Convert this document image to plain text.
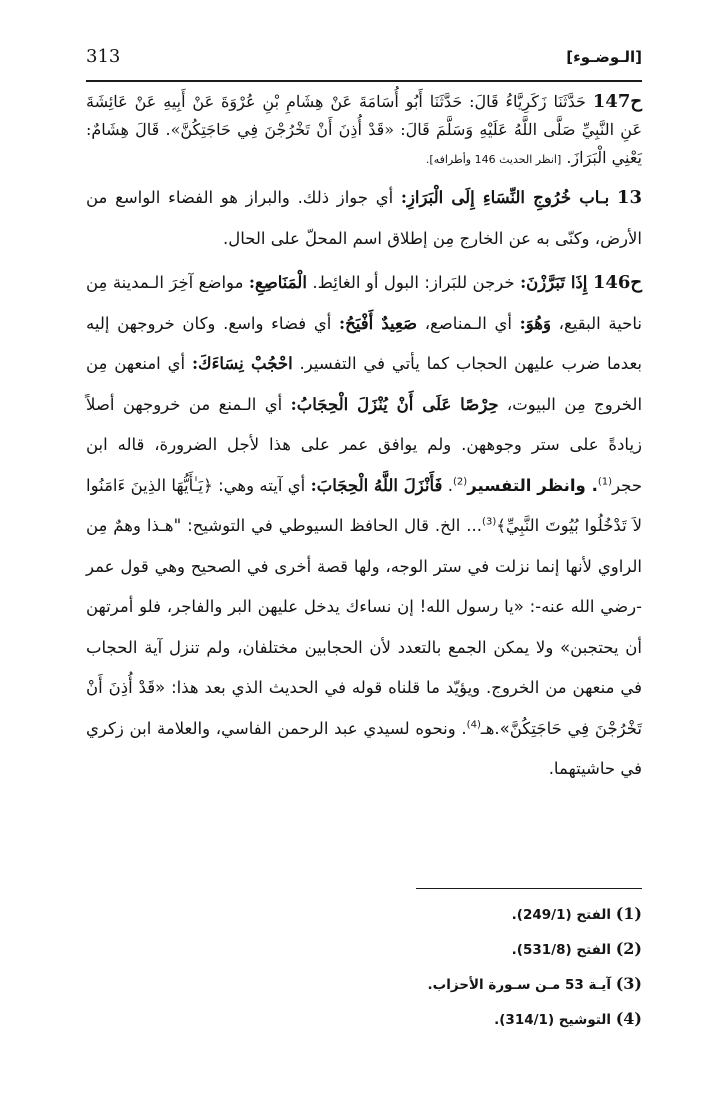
313	[الـوضـوء]
ح147 حَدَّثَنَا زَكَرِيَّاءُ قَالَ: حَدَّثَنَا أَبُو أُسَامَةَ عَنْ هِشَامِ بْنِ عُرْوَةَ عَنْ أَبِيهِ عَنْ عَائِشَةَ عَنِ النَّبِيِّ صَلَّى اللَّهُ عَلَيْهِ وَسَلَّمَ قَالَ: «قَدْ أُذِنَ أَنْ تَخْرُجْنَ فِي حَاجَتِكُنَّ». قَالَ هِشَامٌ: يَعْنِي الْبَرَازَ. [انظر الحديث 146 وأطرافه].
13 بـاب خُرُوجِ النِّسَاءِ إِلَى الْبَرَازِ: أي جواز ذلك. والبراز هو الفضاء الواسع من الأرض، وكنّى به عن الخارج مِن إطلاق اسم المحلّ على الحال.
ح146 إِذَا تَبَرَّزْنَ: خرجن للبَراز: البول أو الغائِط. الْمَنَاصِعِ: مواضع آخِرَ الـمدينة مِن ناحية البقيع، وَهُوَ: أي الـمناصع، صَعِيدٌ أَفْيَحُ: أي فضاء واسع. وكان خروجهن إليه بعدما ضرب عليهن الحجاب كما يأتي في التفسير. احْجُبْ نِسَاءَكَ: أي امنعهن مِن الخروج مِن البيوت، حِرْصًا عَلَى أَنْ يُنْزَلَ الْحِجَابُ: أي الـمنع من خروجهن أصلاً زيادةً على ستر وجوههن. ولم يوافق عمر على هذا لأجل الضرورة، قاله ابن حجر$^{(1)}$. وانظر التفسير$^{(2)}$. فَأَنْزَلَ اللَّهُ الْحِجَابَ: أي آيته وهي: ﴿يَـٰأَيُّهَا الذِينَ ءَامَنُوا لاَ تَدْخُلُوا بُيُوتَ النَّبِيِّ﴾$^{(3)}$... الخ. قال الحافظ السيوطي في التوشيح: "هـذا وهمٌ مِن الراوي لأنها إنما نزلت في ستر الوجه، ولها قصة أخرى في الصحيح وهي قول عمر -رضي الله عنه-: «يا رسول الله! إن نساءك يدخل عليهن البر والفاجر، فلو أمرتهن أن يحتجبن» ولا يمكن الجمع بالتعدد لأن الحجابين مختلفان، ولم تنزل آية الحجاب في منعهن من الخروج. ويؤيّد ما قلناه قوله في الحديث الذي بعد هذا: «قَدْ أُذِنَ أَنْ تَخْرُجْنَ فِي حَاجَتِكُنَّ».هـ$^{(4)}$. ونحوه لسيدي عبد الرحمن الفاسي، والعلامة ابن زكري في حاشيتهما.
(1) الفتح (249/1).
(2) الفتح (531/8).
(3) آيـة 53 مـن سـورة الأحزاب.
(4) التوشيح (314/1).
